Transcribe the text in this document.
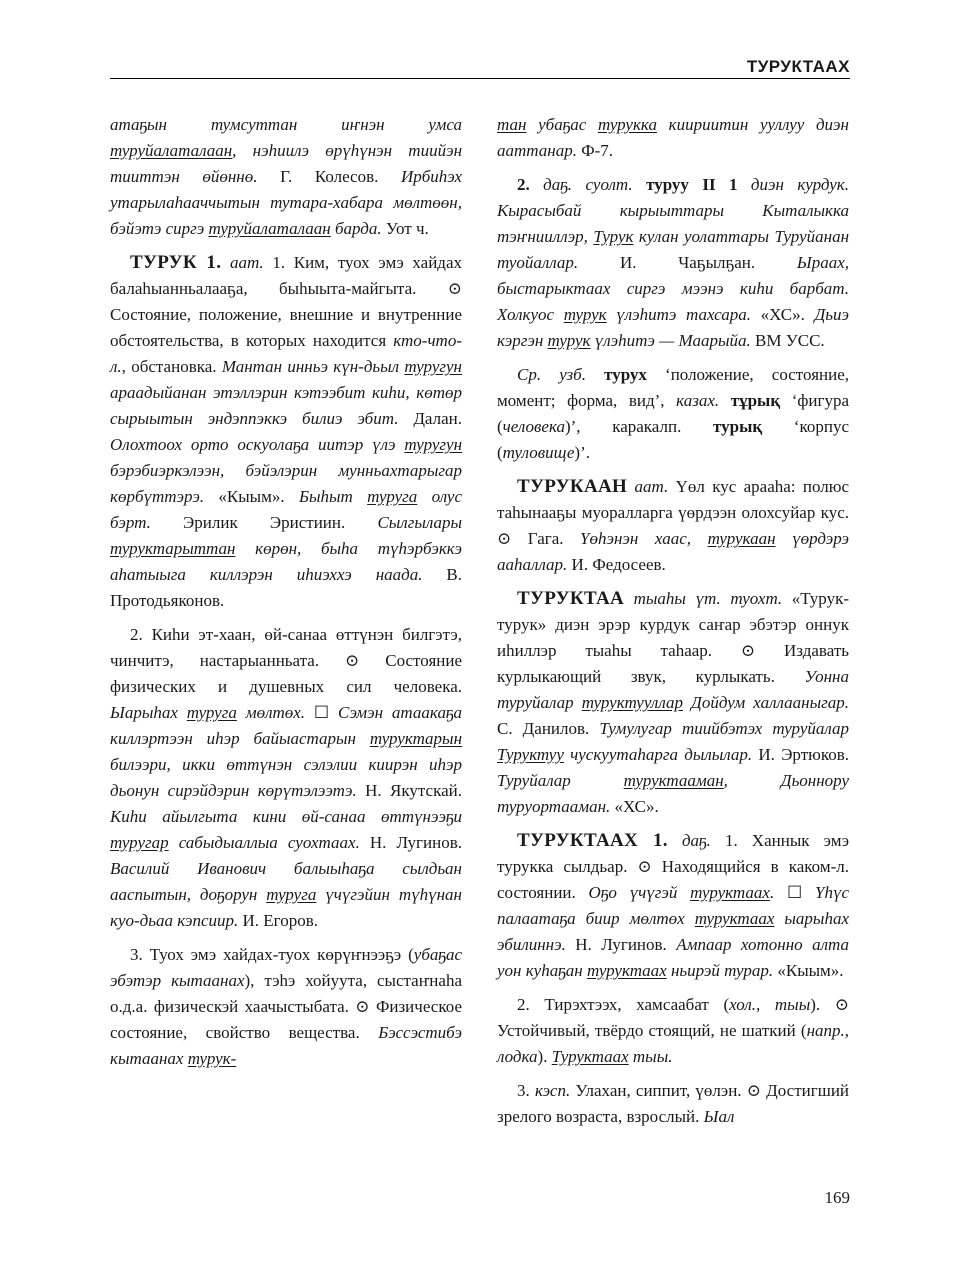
ТУРУКТААХ

атаҕын тумсуттан иҥнэн умса туруйалаталаан, нэһиилэ өрүһүнэн тиийэн тииттэн өйөннө. Г. Колесов. Ирбиһэх утарылаһааччытын тутара-хабара мөлтөөн, бэйэтэ сиргэ туруйалаталаан барда. Уот ч.

ТУРУК 1. аат. 1. Ким, туох эмэ хайдах балаһыанньалааҕа, быһыыта-майгыта. ⊙ Состояние, положение, внешние и внутренние обстоятельства, в которых находится кто-что-л., обстановка. Мантан инньэ күн-дьыл туругун араадыйанан этэллэрин кэтээбит киһи, көтөр сырыытын эндэппэккэ билиэ эбит. Далан. Олохтоох орто оскуолаҕа иитэр үлэ туругун бэрэбиэркэлээн, бэйэлэрин мунньахтарыгар көрбүттэрэ. «Кыым». Быһыт туруга олус бэрт. Эрилик Эристиин. Сылгылары туруктарыттан көрөн, быһа түһэрбэккэ аһатыыга киллэрэн иһиэххэ наада. В. Протодьяконов.

2. Киһи эт-хаан, өй-санаа өттүнэн билгэтэ, чинчитэ, настарыанньата. ⊙ Состояние физических и душевных сил человека. Ыарыһах туруга мөлтөх. ☐ Сэмэн атаакаҕа киллэртээн иһэр байыастарын туруктарын билээри, икки өттүнэн сэлэлии киирэн иһэр дьонун сирэйдэрин көрүтэлээтэ. Н. Якутскай. Киһи айылгыта кини өй-санаа өттүнээҕи туругар сабыдыаллыа суохтаах. Н. Лугинов. Василий Иванович балыыһаҕа сылдьан ааспытын, доҕорун туруга үчүгэйин түһүнан куо-дьаа кэпсиир. И. Егоров.

3. Туох эмэ хайдах-туох көрүҥнээҕэ (убаҕас эбэтэр кытаанах), тэһэ хойуута, сыстаҥнаһа о.д.а. физическэй хаачыстыбата. ⊙ Физическое состояние, свойство вещества. Бэссэстибэ кытаанах турук-

тан убаҕас турукка киириитин ууллуу диэн ааттанар. Ф-7.

2. даҕ. суолт. туруу II 1 диэн курдук. Кырасыбай кырыыттары Кыталыкка тэҥнииллэр, Турук кулан уолаттары Туруйанан туойаллар. И. Чаҕылҕан. Ыраах, быстарыктаах сиргэ мээнэ киһи барбат. Холкуос турук үлэһитэ тахсара. «ХС». Дьиэ кэргэн турук үлэһитэ — Маарыйа. ВМ УСС.

Ср. узб. турух ‘положение, состояние, момент; форма, вид’, казах. тұрық ‘фигура (человека)’, каракалп. турық ‘корпус (туловище)’.

ТУРУКААН аат. Үөл кус арааһа: полюс таһынааҕы муоралларга үөрдээн олохсуйар кус. ⊙ Гага. Үөһэнэн хаас, турукаан үөрдэрэ ааһаллар. И. Федосеев.

ТУРУКТАА тыаһы үт. туохт. «Турук-турук» диэн эрэр курдук саҥар эбэтэр оннук иһиллэр тыаһы таһаар. ⊙ Издавать курлыкающий звук, курлыкать. Уонна туруйалар туруктууллар Дойдум халлааныгар. С. Данилов. Тумулугар тиийбэтэх туруйалар Туруктуу чускуутаһарга дылылар. И. Эртюков. Туруйалар туруктааман, Дьоннору туруортааман. «ХС».

ТУРУКТААХ 1. даҕ. 1. Ханнык эмэ турукка сылдьар. ⊙ Находящийся в каком-л. состоянии. Оҕо үчүгэй туруктаах. ☐ Үһүс палаатаҕа биир мөлтөх туруктаах ыарыһах эбилиннэ. Н. Лугинов. Ампаар хотонно алта уон куһаҕан туруктаах ньирэй турар. «Кыым».

2. Тирэхтээх, хамсаабат (хол., тыы). ⊙ Устойчивый, твёрдо стоящий, не шаткий (напр., лодка). Туруктаах тыы.

3. кэсп. Улахан, сиппит, үөлэн. ⊙ Достигший зрелого возраста, взрослый. Ыал

169
